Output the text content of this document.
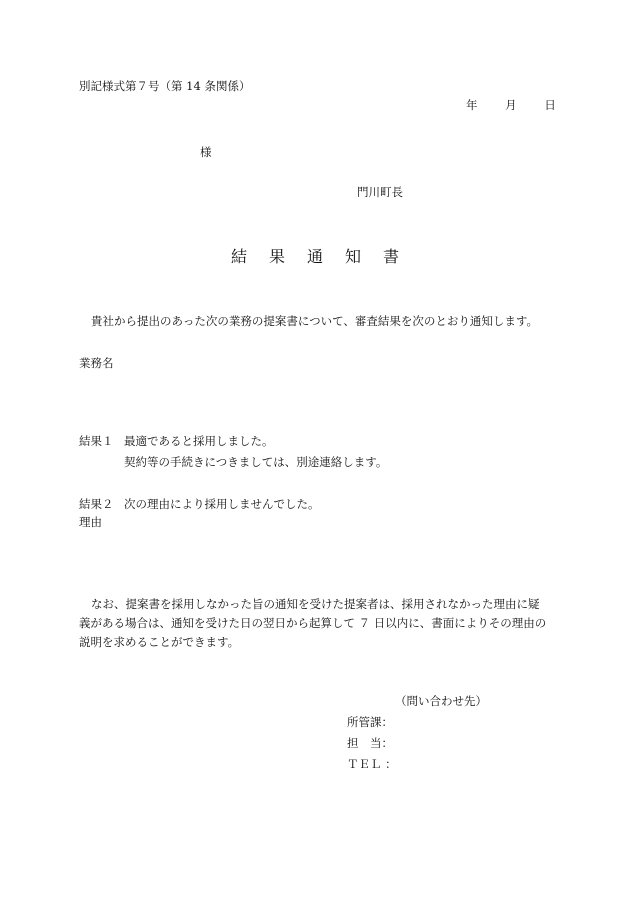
別記様式第７号（第 14 条関係）
年 月 日
様
門川町長
結 果 通 知 書
貴社から提出のあった次の業務の提案書について、審査結果を次のとおり通知します。
業務名
結果１ 最適であると採用しました。
契約等の手続きにつきましては、別途連絡します。
結果２ 次の理由により採用しませんでした。
理由
なお、提案書を採用しなかった旨の通知を受けた提案者は、採用されなかった理由に疑
義がある場合は、通知を受けた日の翌日から起算して ７ 日以内に、書面によりその理由の
説明を求めることができます。
（問い合わせ先）
所管課：
担　当：
ＴＥＬ ：
